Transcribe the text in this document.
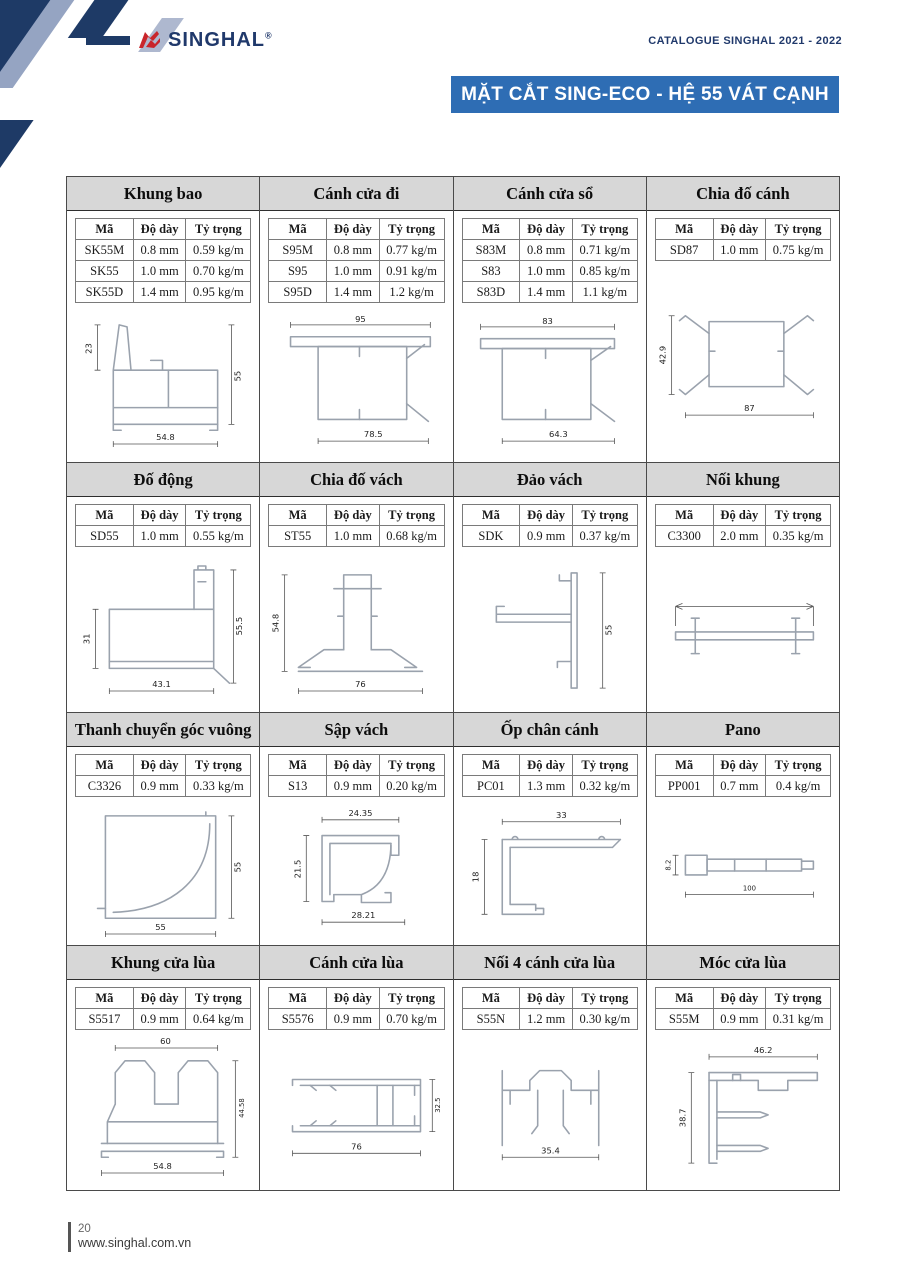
SINGHAL®	CATALOGUE SINGHAL 2021 - 2022
MẶT CẮT SING-ECO - HỆ 55 VÁT CẠNH
Khung bao
Mã	Độ dày	Tỷ trọng
SK55M	0.8 mm	0.59 kg/m
SK55	1.0 mm	0.70 kg/m
SK55D	1.4 mm	0.95 kg/m
23
55
54.8
Cánh cửa đi
Mã	Độ dày	Tỷ trọng
S95M	0.8 mm	0.77 kg/m
S95	1.0 mm	0.91 kg/m
S95D	1.4 mm	1.2 kg/m
95
78.5
Cánh cửa sổ
Mã	Độ dày	Tỷ trọng
S83M	0.8 mm	0.71 kg/m
S83	1.0 mm	0.85 kg/m
S83D	1.4 mm	1.1 kg/m
83
64.3
Chia đố cánh
Mã	Độ dày	Tỷ trọng
SD87	1.0 mm	0.75 kg/m
42.9
87
Đố động
Mã	Độ dày	Tỷ trọng
SD55	1.0 mm	0.55 kg/m
31
55.5
43.1
Chia đố vách
Mã	Độ dày	Tỷ trọng
ST55	1.0 mm	0.68 kg/m
54.8
76
Đảo vách
Mã	Độ dày	Tỷ trọng
SDK	0.9 mm	0.37 kg/m
55
Nối khung
Mã	Độ dày	Tỷ trọng
C3300	2.0 mm	0.35 kg/m
Thanh chuyển góc vuông
Mã	Độ dày	Tỷ trọng
C3326	0.9 mm	0.33 kg/m
55
55
Sập vách
Mã	Độ dày	Tỷ trọng
S13	0.9 mm	0.20 kg/m
24.35
21.5
28.21
Ốp chân cánh
Mã	Độ dày	Tỷ trọng
PC01	1.3 mm	0.32 kg/m
33
18
Pano
Mã	Độ dày	Tỷ trọng
PP001	0.7 mm	0.4 kg/m
8.2
100
Khung cửa lùa
Mã	Độ dày	Tỷ trọng
S5517	0.9 mm	0.64 kg/m
60
44.58
54.8
Cánh cửa lùa
Mã	Độ dày	Tỷ trọng
S5576	0.9 mm	0.70 kg/m
32.5
76
Nối 4 cánh cửa lùa
Mã	Độ dày	Tỷ trọng
S55N	1.2 mm	0.30 kg/m
35.4
Móc cửa lùa
Mã	Độ dày	Tỷ trọng
S55M	0.9 mm	0.31 kg/m
46.2
38.7
20
www.singhal.com.vn
